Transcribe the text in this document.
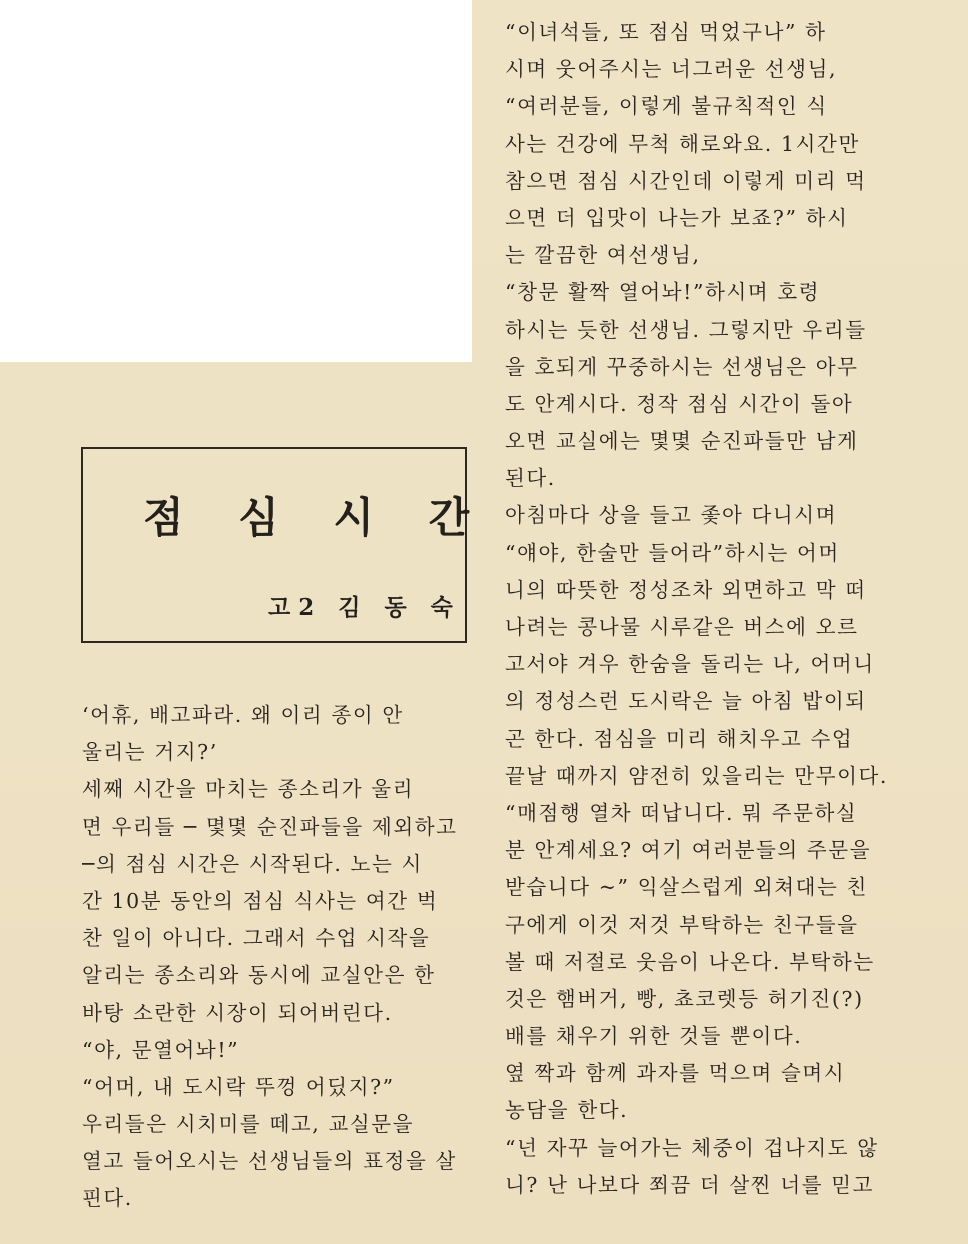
점 심 시 간
고2 김 동 숙
‘어휴, 배고파라. 왜 이리 종이 안
울리는 거지?’
세째 시간을 마치는 종소리가 울리
면 우리들 ─ 몇몇 순진파들을 제외하고
─의 점심 시간은 시작된다. 노는 시
간 10분 동안의 점심 식사는 여간 벅
찬 일이 아니다. 그래서 수업 시작을
알리는 종소리와 동시에 교실안은 한
바탕 소란한 시장이 되어버린다.
“야, 문열어놔!”
“어머, 내 도시락 뚜껑 어딨지?”
우리들은 시치미를 떼고, 교실문을
열고 들어오시는 선생님들의 표정을 살
핀다.
“이녀석들, 또 점심 먹었구나” 하
시며 웃어주시는 너그러운 선생님,
“여러분들, 이렇게 불규칙적인 식
사는 건강에 무척 해로와요. 1시간만
참으면 점심 시간인데 이렇게 미리 먹
으면 더 입맛이 나는가 보죠?” 하시
는 깔끔한 여선생님,
“창문 활짝 열어놔!”하시며 호령
하시는 듯한 선생님. 그렇지만 우리들
을 호되게 꾸중하시는 선생님은 아무
도 안계시다. 정작 점심 시간이 돌아
오면 교실에는 몇몇 순진파들만 남게
된다.
아침마다 상을 들고 좇아 다니시며
“얘야, 한술만 들어라”하시는 어머
니의 따뜻한 정성조차 외면하고 막 떠
나려는 콩나물 시루같은 버스에 오르
고서야 겨우 한숨을 돌리는 나, 어머니
의 정성스런 도시락은 늘 아침 밥이되
곤 한다. 점심을 미리 해치우고 수업
끝날 때까지 얌전히 있을리는 만무이다.
“매점행 열차 떠납니다. 뭐 주문하실
분 안계세요? 여기 여러분들의 주문을
받습니다 ~” 익살스럽게 외쳐대는 친
구에게 이것 저것 부탁하는 친구들을
볼 때 저절로 웃음이 나온다. 부탁하는
것은 햄버거, 빵, 쵸코렛등 허기진(?)
배를 채우기 위한 것들 뿐이다.
옆 짝과 함께 과자를 먹으며 슬며시
농담을 한다.
“넌 자꾸 늘어가는 체중이 겁나지도 않
니? 난 나보다 쬐끔 더 살찐 너를 믿고
